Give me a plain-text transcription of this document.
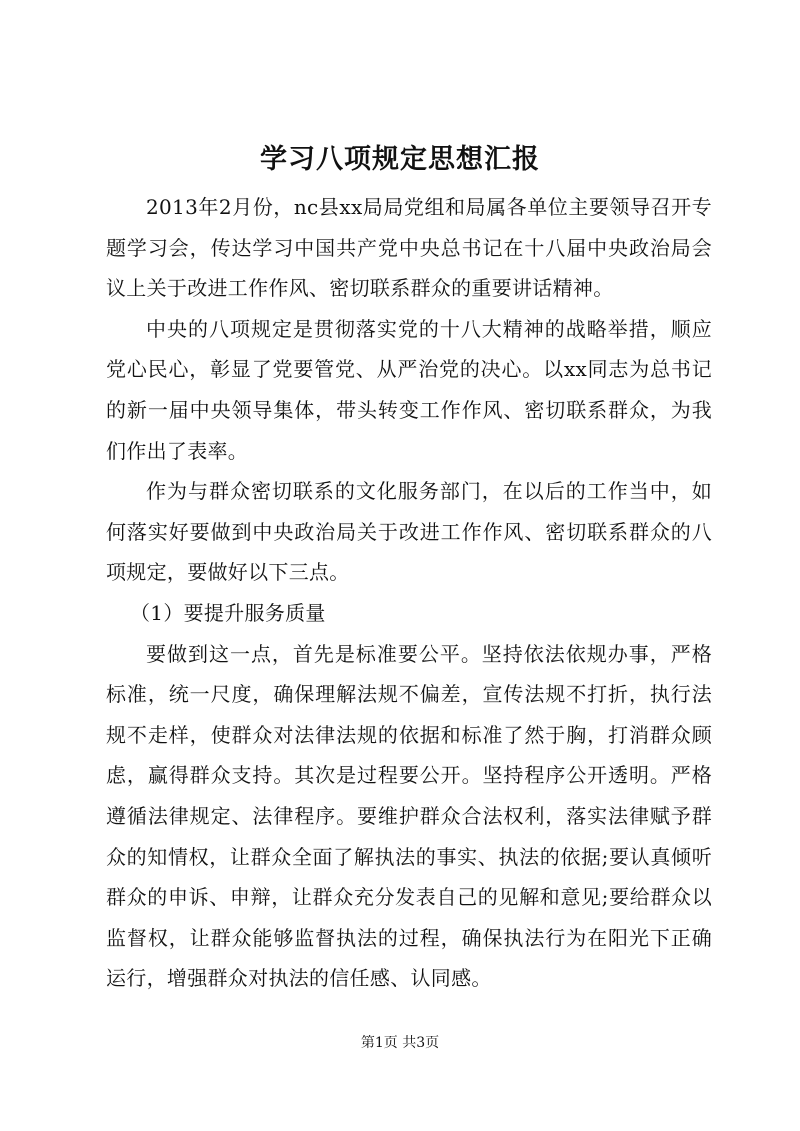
学习八项规定思想汇报

2013年2月份，nc县xx局局党组和局属各单位主要领导召开专题学习会，传达学习中国共产党中央总书记在十八届中央政治局会议上关于改进工作作风、密切联系群众的重要讲话精神。

中央的八项规定是贯彻落实党的十八大精神的战略举措，顺应党心民心，彰显了党要管党、从严治党的决心。以xx同志为总书记的新一届中央领导集体，带头转变工作作风、密切联系群众，为我们作出了表率。

作为与群众密切联系的文化服务部门，在以后的工作当中，如何落实好要做到中央政治局关于改进工作作风、密切联系群众的八项规定，要做好以下三点。

（1）要提升服务质量

要做到这一点，首先是标准要公平。坚持依法依规办事，严格标准，统一尺度，确保理解法规不偏差，宣传法规不打折，执行法规不走样，使群众对法律法规的依据和标准了然于胸，打消群众顾虑，赢得群众支持。其次是过程要公开。坚持程序公开透明。严格遵循法律规定、法律程序。要维护群众合法权利，落实法律赋予群众的知情权，让群众全面了解执法的事实、执法的依据;要认真倾听群众的申诉、申辩，让群众充分发表自己的见解和意见;要给群众以监督权，让群众能够监督执法的过程，确保执法行为在阳光下正确运行，增强群众对执法的信任感、认同感。

第1页 共3页
